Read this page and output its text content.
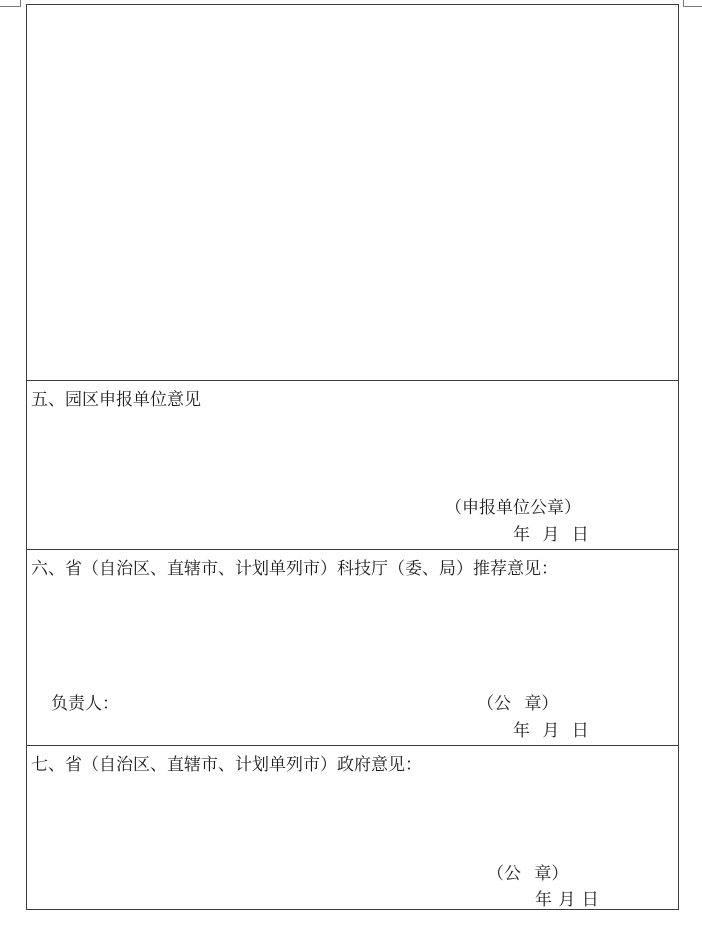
五、园区申报单位意见
（申报单位公章）
年 月 日
六、省（自治区、直辖市、计划单列市）科技厅（委、局）推荐意见：
负责人：	（公 章）
年 月 日
七、省（自治区、直辖市、计划单列市）政府意见：
（公 章）
年 月 日
